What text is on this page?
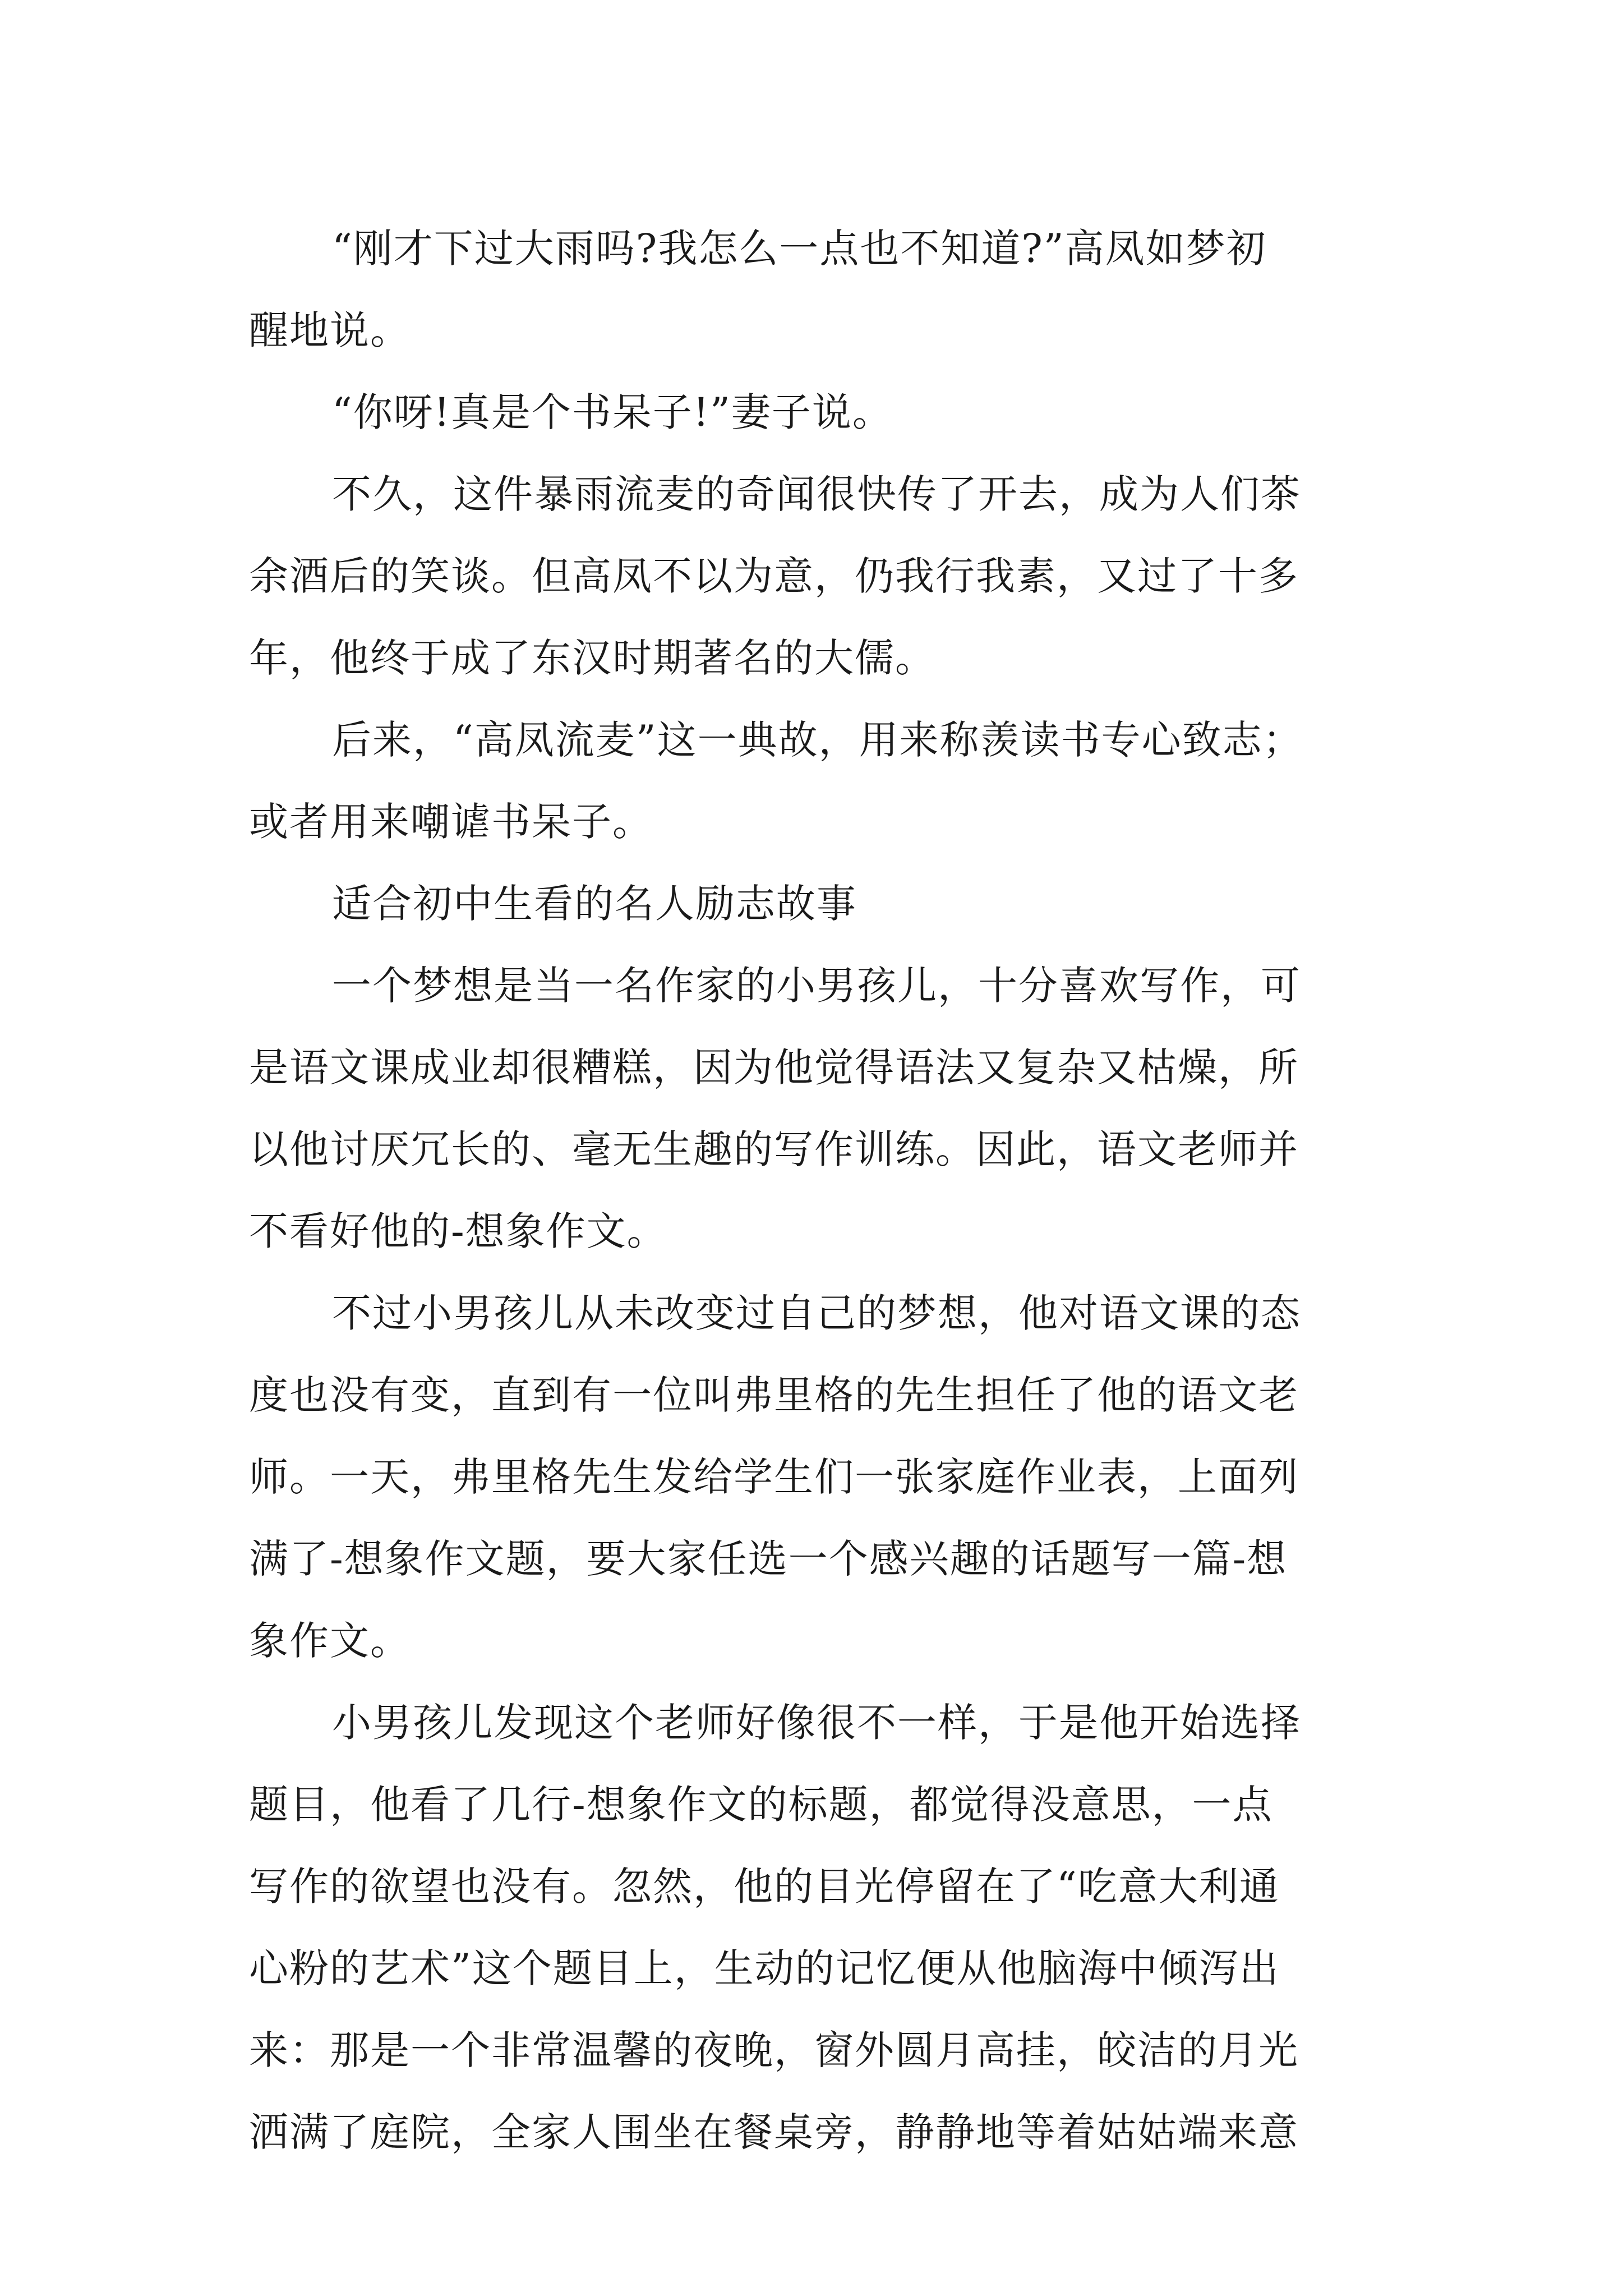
“刚才下过大雨吗?我怎么一点也不知道?”高凤如梦初
醒地说。
“你呀!真是个书呆子!”妻子说。
不久，这件暴雨流麦的奇闻很快传了开去，成为人们茶
余酒后的笑谈。但高凤不以为意，仍我行我素，又过了十多
年，他终于成了东汉时期著名的大儒。
后来，“高凤流麦”这一典故，用来称羡读书专心致志；
或者用来嘲谑书呆子。
适合初中生看的名人励志故事
一个梦想是当一名作家的小男孩儿，十分喜欢写作，可
是语文课成业却很糟糕，因为他觉得语法又复杂又枯燥，所
以他讨厌冗长的、毫无生趣的写作训练。因此，语文老师并
不看好他的-想象作文。
不过小男孩儿从未改变过自己的梦想，他对语文课的态
度也没有变，直到有一位叫弗里格的先生担任了他的语文老
师。一天，弗里格先生发给学生们一张家庭作业表，上面列
满了-想象作文题，要大家任选一个感兴趣的话题写一篇-想
象作文。
小男孩儿发现这个老师好像很不一样，于是他开始选择
题目，他看了几行-想象作文的标题，都觉得没意思，一点
写作的欲望也没有。忽然，他的目光停留在了“吃意大利通
心粉的艺术”这个题目上，生动的记忆便从他脑海中倾泻出
来：那是一个非常温馨的夜晚，窗外圆月高挂，皎洁的月光
洒满了庭院，全家人围坐在餐桌旁，静静地等着姑姑端来意
